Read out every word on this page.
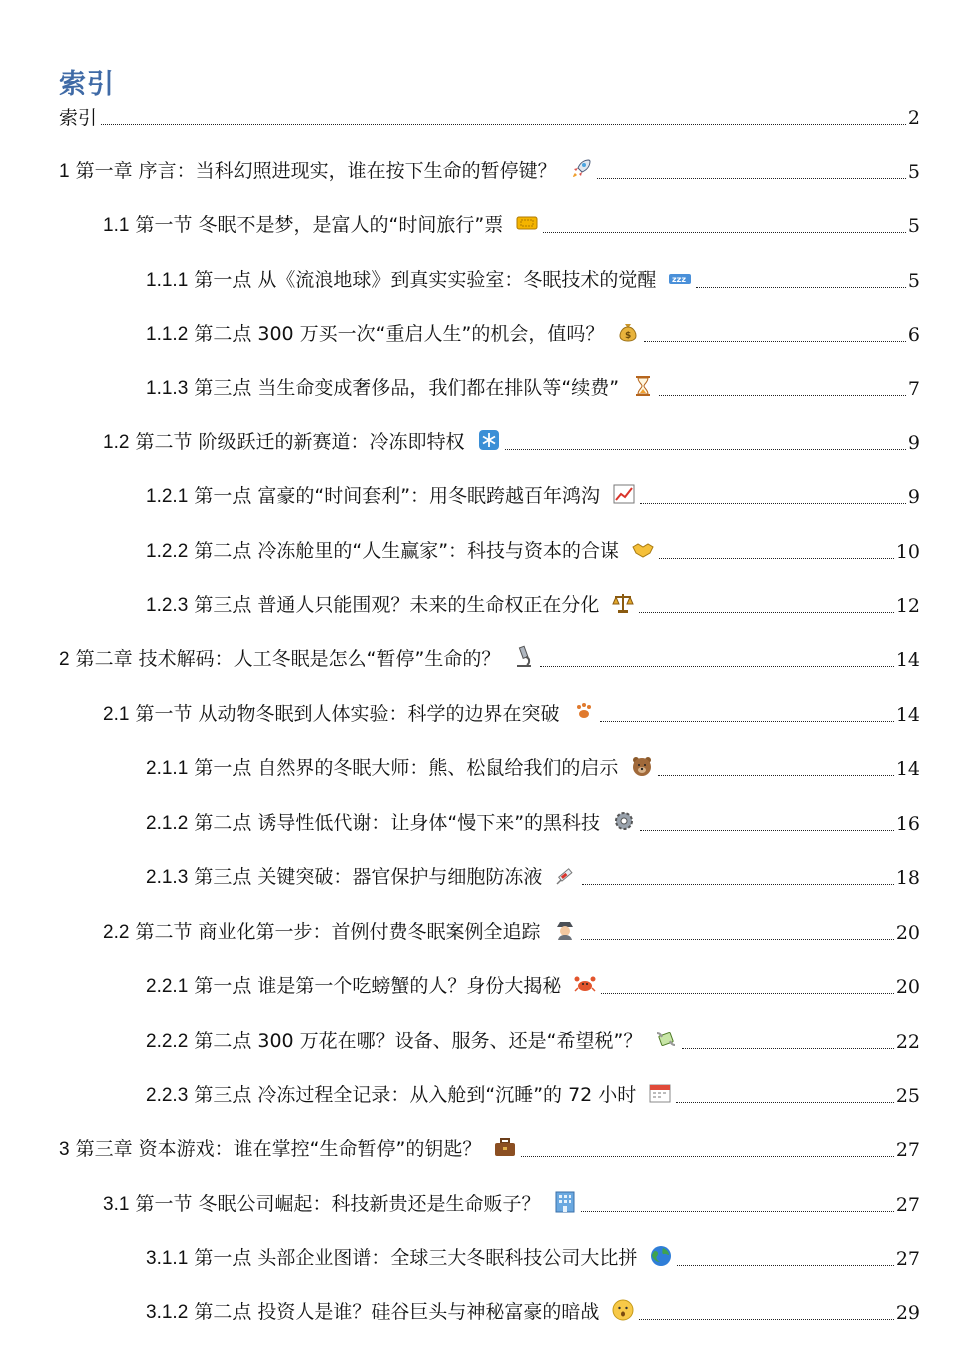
索引
索引	2
1 第一章 序言：当科幻照进现实，谁在按下生命的暂停键？	5
1.1 第一节 冬眠不是梦，是富人的“时间旅行”票	5
1.1.1 第一点 从《流浪地球》到真实实验室：冬眠技术的觉醒 zzz	5
1.1.2 第二点 300 万买一次“重启人生”的机会，值吗？ $	6
1.1.3 第三点 当生命变成奢侈品，我们都在排队等“续费”	7
1.2 第二节 阶级跃迁的新赛道：冷冻即特权	9
1.2.1 第一点 富豪的“时间套利”：用冬眠跨越百年鸿沟	9
1.2.2 第二点 冷冻舱里的“人生赢家”：科技与资本的合谋	10
1.2.3 第三点 普通人只能围观？未来的生命权正在分化	12
2 第二章 技术解码：人工冬眠是怎么“暂停”生命的？	14
2.1 第一节 从动物冬眠到人体实验：科学的边界在突破	14
2.1.1 第一点 自然界的冬眠大师：熊、松鼠给我们的启示	14
2.1.2 第二点 诱导性低代谢：让身体“慢下来”的黑科技	16
2.1.3 第三点 关键突破：器官保护与细胞防冻液	18
2.2 第二节 商业化第一步：首例付费冬眠案例全追踪	20
2.2.1 第一点 谁是第一个吃螃蟹的人？身份大揭秘	20
2.2.2 第二点 300 万花在哪？设备、服务、还是“希望税”？	22
2.2.3 第三点 冷冻过程全记录：从入舱到“沉睡”的 72 小时	25
3 第三章 资本游戏：谁在掌控“生命暂停”的钥匙？	27
3.1 第一节 冬眠公司崛起：科技新贵还是生命贩子？	27
3.1.1 第一点 头部企业图谱：全球三大冬眠科技公司大比拼	27
3.1.2 第二点 投资人是谁？硅谷巨头与神秘富豪的暗战	29
